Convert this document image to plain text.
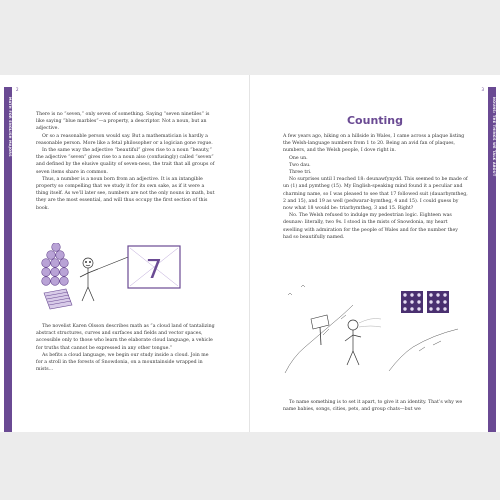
MATH FOR ENGLISH MAJORS
2

There is no “seven,” only seven of something. Saying “seven ninetiles” is like saying “blue marbles”—a property, a descriptor. Not a noun, but an adjective.

Or so a reasonable person would say. But a mathematician is hardly a reasonable person. More like a fetal philosopher or a logician gone rogue.

In the same way the adjective “beautiful” gives rise to a noun “beauty,” the adjective “seven” gives rise to a noun also (confusingly) called “seven” and defined by the elusive quality of seven-ness, the trait that all groups of seven items share in common.

Thus, a number is a noun born from an adjective. It is an intangible property so compelling that we study it for its own sake, as if it were a thing itself. As we’ll later see, numbers are not the only nouns in math, but they are the most essential, and will thus occupy the first section of this book.

7

The novelist Karen Olsson describes math as “a cloud land of tantalizing abstract structures, curves and surfaces and fields and vector spaces, accessible only to those who learn the elaborate cloud language, a vehicle for truths that cannot be expressed in any other tongue.”

As befits a cloud language, we begin our study inside a cloud. Join me for a stroll in the forests of Snowdonia, on a mountainside wrapped in mists…

NOUNS: THE THINGS WE TALK ABOUT
3
Counting

A few years ago, hiking on a hillside in Wales, I came across a plaque listing the Welsh-language numbers from 1 to 20. Being an avid fan of plaques, numbers, and the Welsh people, I dove right in.

One un.

Two dau.

Three tri.

No surprises until I reached 18: deunawfynydd. This seemed to be made of un (1) and pymtheg (15). My English-speaking mind found it a peculiar and charming name, so I was pleased to see that 17 followed suit (dauarbymtheg, 2 and 15), and 19 as well (pedwarar-bymtheg, 4 and 15). I could guess by now what 18 would be: triarbymtheg, 3 and 15. Right?

No. The Welsh refused to indulge my pedestrian logic. Eighteen was deunaw: literally, two 9s. I stood in the mists of Snowdonia, my heart swelling with admiration for the people of Wales and for the number they had so beautifully named.

To name something is to set it apart, to give it an identity. That’s why we name babies, songs, cities, pets, and group chats—but we
